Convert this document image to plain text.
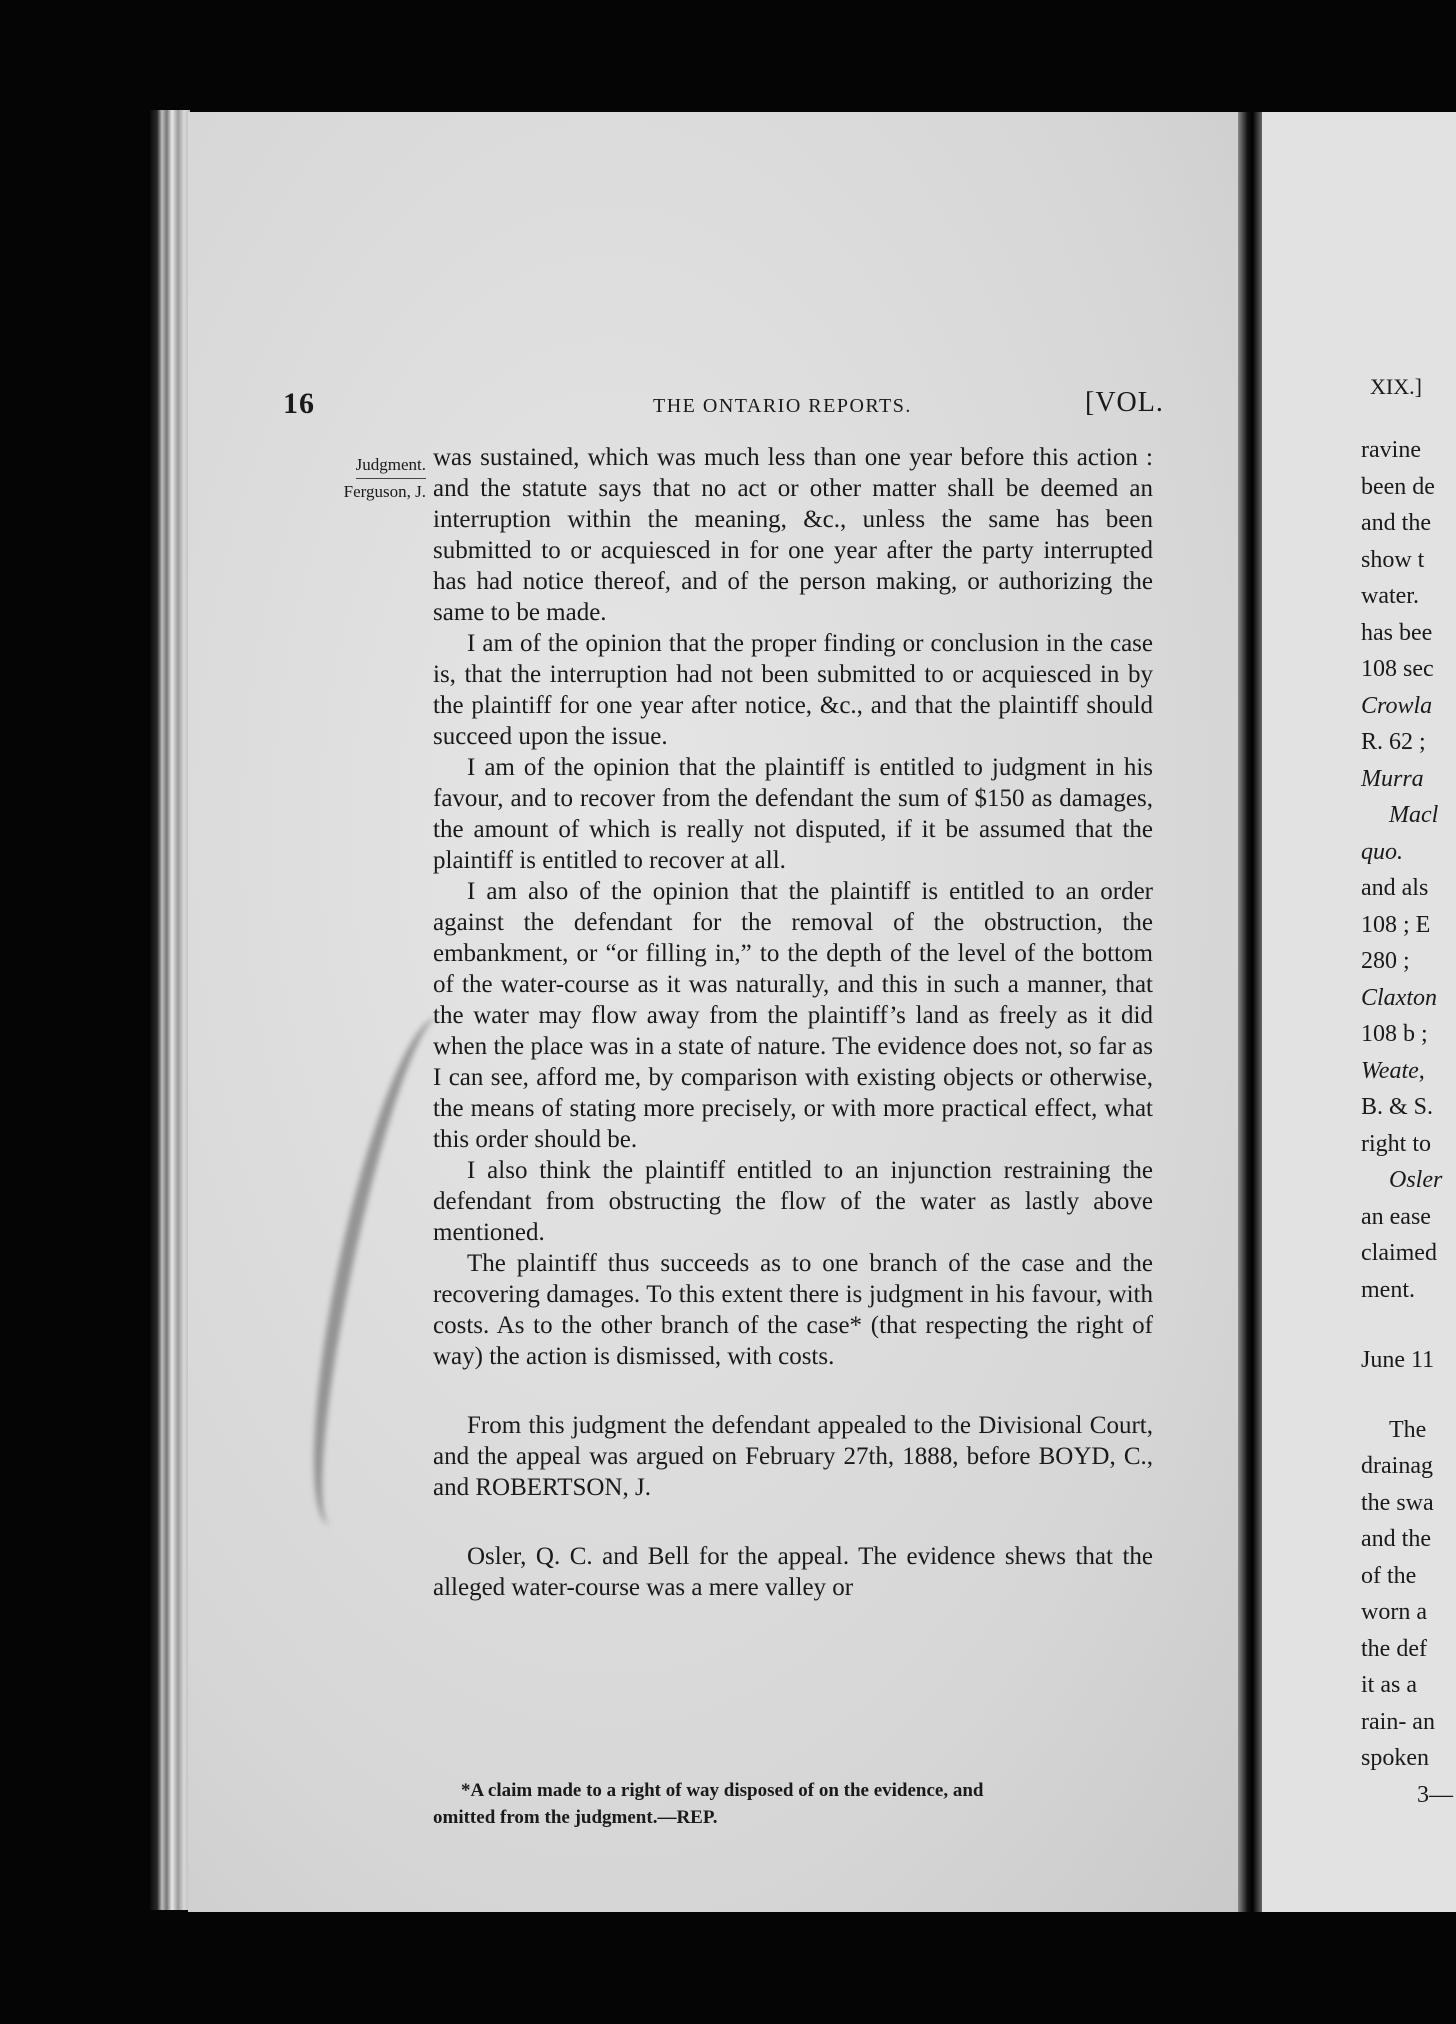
16	THE ONTARIO REPORTS.	[VOL.
Judgment.
Ferguson, J.

was sustained, which was much less than one year before this action : and the statute says that no act or other matter shall be deemed an interruption within the meaning, &c., unless the same has been submitted to or acquiesced in for one year after the party interrupted has had notice thereof, and of the person making, or authorizing the same to be made.

I am of the opinion that the proper finding or conclusion in the case is, that the interruption had not been submitted to or acquiesced in by the plaintiff for one year after notice, &c., and that the plaintiff should succeed upon the issue.

I am of the opinion that the plaintiff is entitled to judgment in his favour, and to recover from the defendant the sum of $150 as damages, the amount of which is really not disputed, if it be assumed that the plaintiff is entitled to recover at all.

I am also of the opinion that the plaintiff is entitled to an order against the defendant for the removal of the obstruction, the embankment, or “or filling in,” to the depth of the level of the bottom of the water-course as it was naturally, and this in such a manner, that the water may flow away from the plaintiff’s land as freely as it did when the place was in a state of nature. The evidence does not, so far as I can see, afford me, by comparison with existing objects or otherwise, the means of stating more precisely, or with more practical effect, what this order should be.

I also think the plaintiff entitled to an injunction restraining the defendant from obstructing the flow of the water as lastly above mentioned.

The plaintiff thus succeeds as to one branch of the case and the recovering damages. To this extent there is judgment in his favour, with costs. As to the other branch of the case* (that respecting the right of way) the action is dismissed, with costs.

From this judgment the defendant appealed to the Divisional Court, and the appeal was argued on February 27th, 1888, before BOYD, C., and ROBERTSON, J.

Osler, Q. C. and Bell for the appeal. The evidence shews that the alleged water-course was a mere valley or

*A claim made to a right of way disposed of on the evidence, and
omitted from the judgment.—REP.
XIX.]
ravine
been de
and the
show t
water.
has bee
108 sec
Crowla
R. 62 ;
Murra
Macl
quo.
and als
108 ; E
280 ;
Claxton
108 b ;
Weate,
B. & S.
right to
Osler
an ease
claimed
ment.
June 11
The
drainag
the swa
and the
of the
worn a
the def
it as a
rain- an
spoken
3—
